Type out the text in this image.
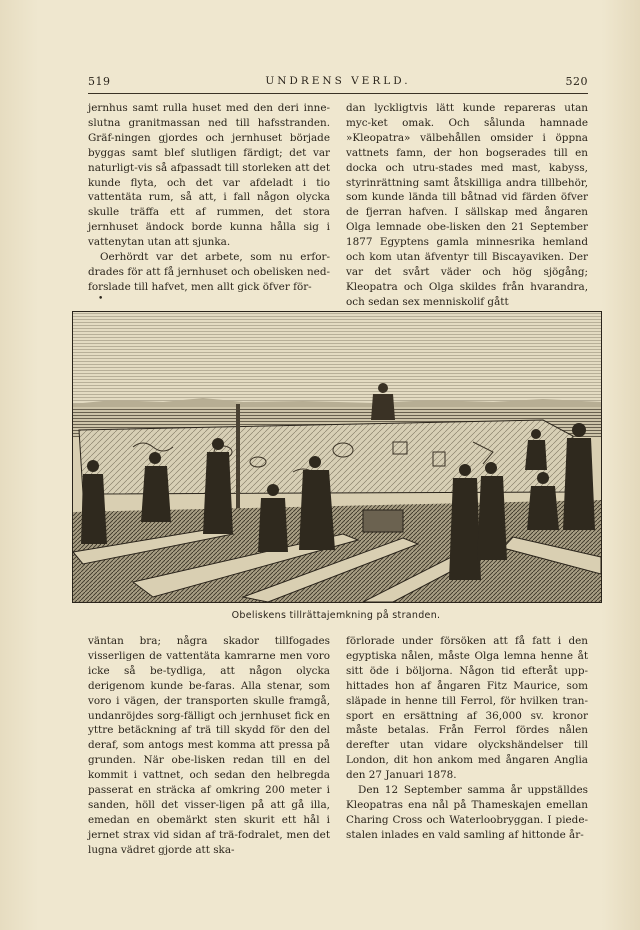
519	UNDRENS VERLD.	520

jernhus samt rulla huset med den deri inne-slutna granitmassan ned till hafsstranden. Gräf-ningen gjordes och jernhuset började byggas samt blef slutligen färdigt; det var naturligt-vis så afpassadt till storleken att det kunde flyta, och det var afdeladt i tio vattentäta rum, så att, i fall någon olycka skulle träffa ett af rummen, det stora jernhuset ändock borde kunna hålla sig i vattenytan utan att sjunka.

Oerhördt var det arbete, som nu erfor-drades för att få jernhuset och obelisken ned-forslade till hafvet, men allt gick öfver för-

dan lyckligtvis lätt kunde repareras utan myc-ket omak. Och sålunda hamnade »Kleopatra» välbehållen omsider i öppna vattnets famn, der hon bogserades till en docka och utru-stades med mast, kabyss, styrinrättning samt åtskilliga andra tillbehör, som kunde lända till båtnad vid färden öfver de fjerran hafven. I sällskap med ångaren Olga lemnade obe-lisken den 21 September 1877 Egyptens gamla minnesrika hemland och kom utan äfventyr till Biscayaviken. Der var det svårt väder och hög sjögång; Kleopatra och Olga skildes från hvarandra, och sedan sex menniskolif gått

•
Obeliskens tillrättajemkning på stranden.

väntan bra; några skador tillfogades visserligen de vattentäta kamrarne men voro icke så be-tydliga, att någon olycka derigenom kunde be-faras. Alla stenar, som voro i vägen, der transporten skulle framgå, undanröjdes sorg-fälligt och jernhuset fick en yttre betäckning af trä till skydd för den del deraf, som antogs mest komma att pressa på grunden. När obe-lisken redan till en del kommit i vattnet, och sedan den helbregda passerat en sträcka af omkring 200 meter i sanden, höll det visser-ligen på att gå illa, emedan en obemärkt sten skurit ett hål i jernet strax vid sidan af trä-fodralet, men det lugna vädret gjorde att ska-

förlorade under försöken att få fatt i den egyptiska nålen, måste Olga lemna henne åt sitt öde i böljorna. Någon tid efteråt upp-hittades hon af ångaren Fitz Maurice, som släpade in henne till Ferrol, för hvilken tran-sport en ersättning af 36,000 sv. kronor måste betalas. Från Ferrol fördes nålen derefter utan vidare olyckshändelser till London, dit hon ankom med ångaren Anglia den 27 Januari 1878.

Den 12 September samma år uppställdes Kleopatras ena nål på Thameskajen emellan Charing Cross och Waterloobryggan. I piede-stalen inlades en vald samling af hittonde år-
